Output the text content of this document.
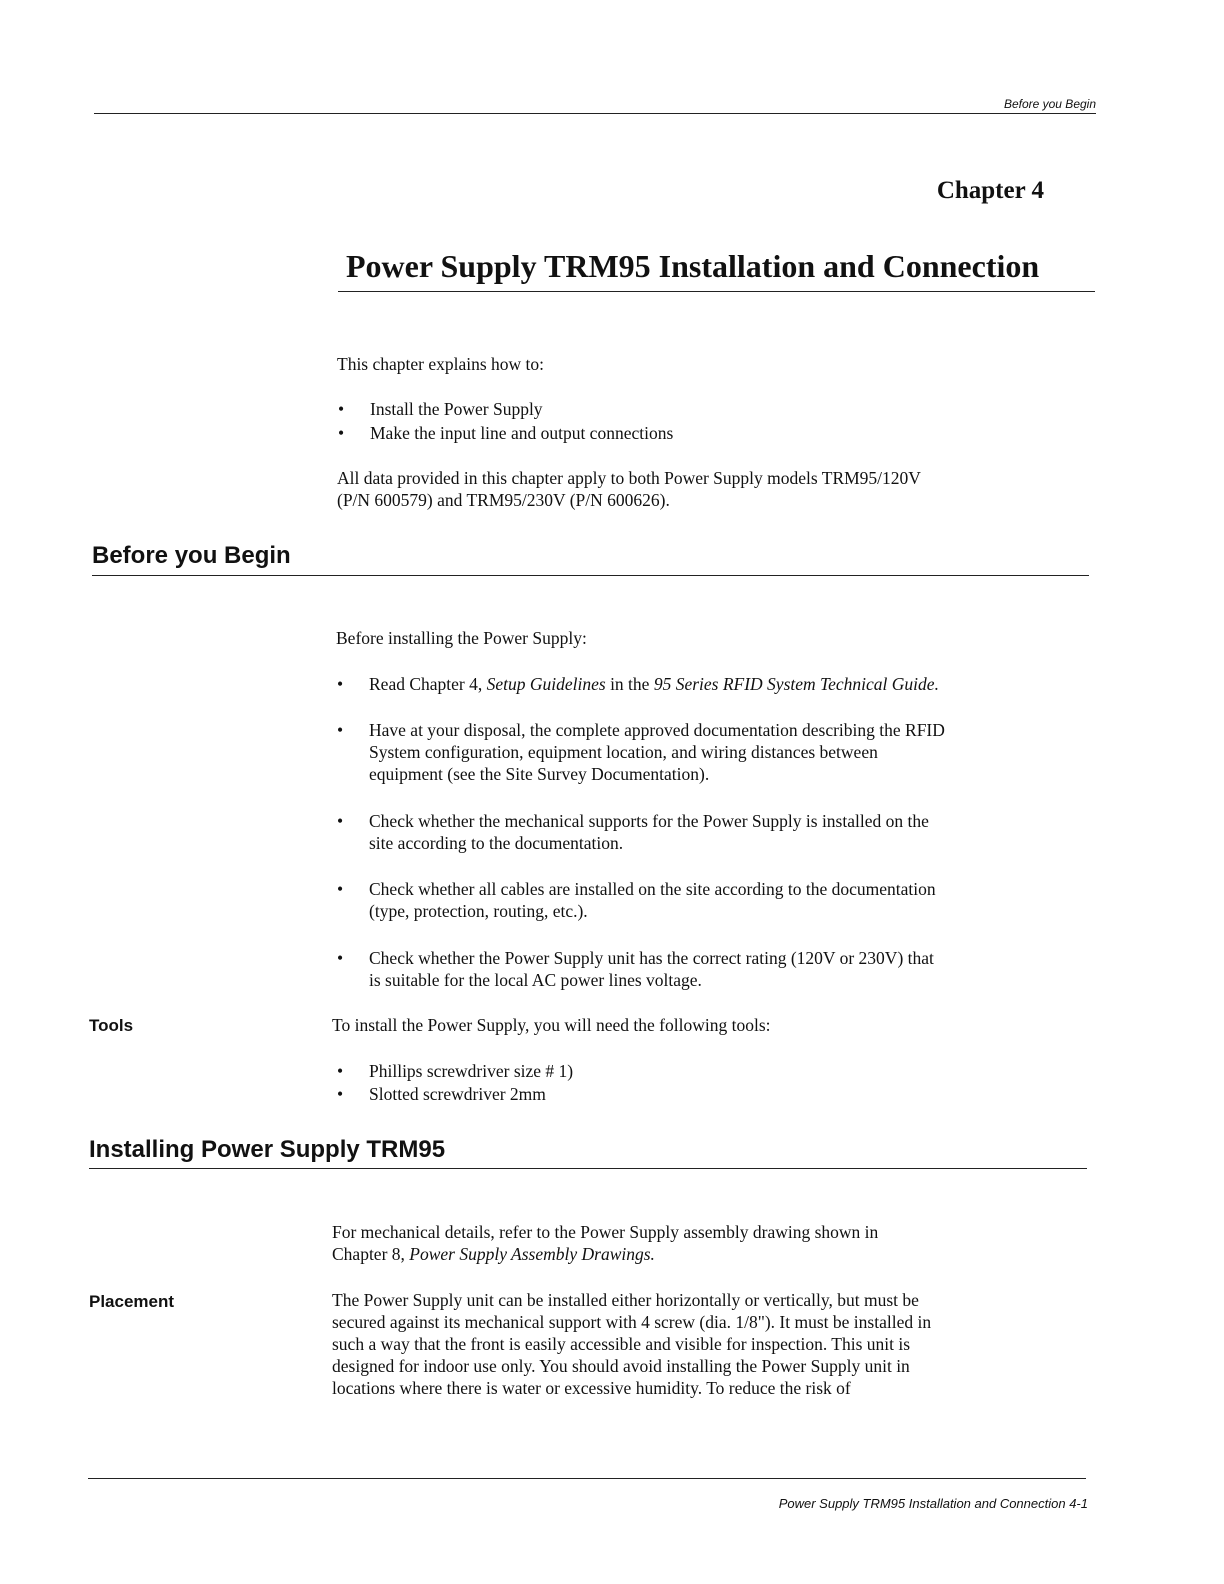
Before you Begin
Chapter 4
Power Supply TRM95 Installation and Connection
This chapter explains how to:
• Install the Power Supply
• Make the input line and output connections
All data provided in this chapter apply to both Power Supply models TRM95/120V
(P/N 600579) and TRM95/230V (P/N 600626).
Before you Begin
Before installing the Power Supply:
• Read Chapter 4, Setup Guidelines in the 95 Series RFID System Technical Guide.
• Have at your disposal, the complete approved documentation describing the RFID
System configuration, equipment location, and wiring distances between
equipment (see the Site Survey Documentation).
• Check whether the mechanical supports for the Power Supply is installed on the
site according to the documentation.
• Check whether all cables are installed on the site according to the documentation
(type, protection, routing, etc.).
• Check whether the Power Supply unit has the correct rating (120V or 230V) that
is suitable for the local AC power lines voltage.
Tools	To install the Power Supply, you will need the following tools:
• Phillips screwdriver size # 1)
• Slotted screwdriver 2mm
Installing Power Supply TRM95
For mechanical details, refer to the Power Supply assembly drawing shown in
Chapter 8, Power Supply Assembly Drawings.
Placement	The Power Supply unit can be installed either horizontally or vertically, but must be
secured against its mechanical support with 4 screw (dia. 1/8"). It must be installed in
such a way that the front is easily accessible and visible for inspection. This unit is
designed for indoor use only. You should avoid installing the Power Supply unit in
locations where there is water or excessive humidity. To reduce the risk of
Power Supply TRM95 Installation and Connection 4-1
